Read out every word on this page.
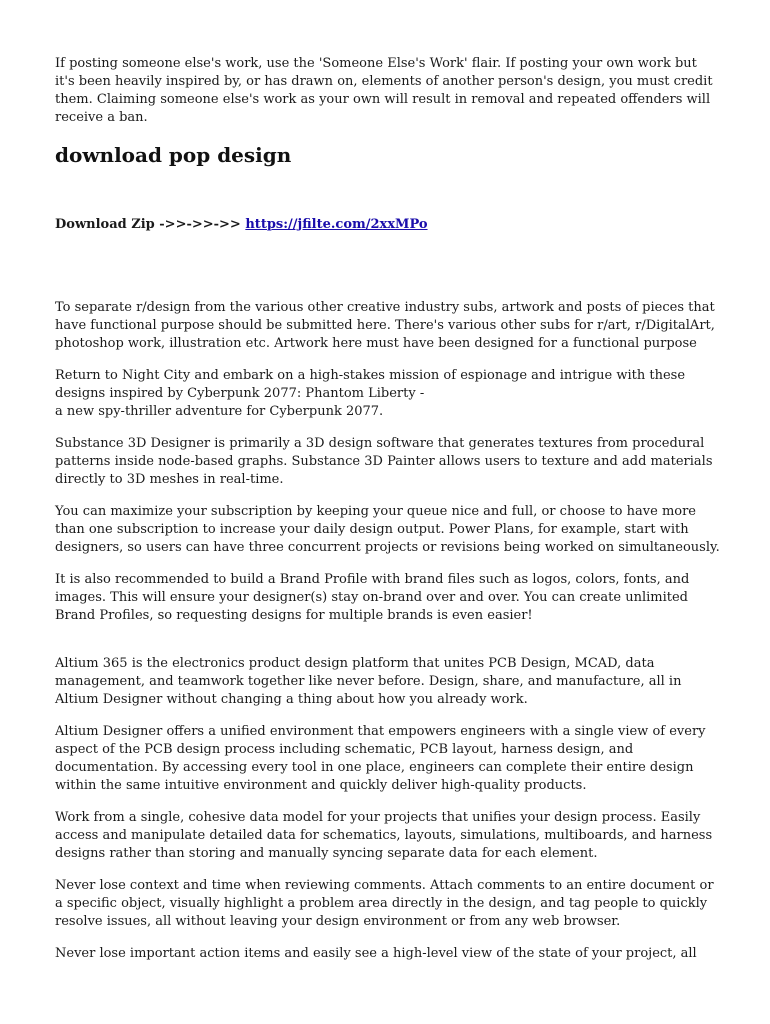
If posting someone else's work, use the 'Someone Else's Work' flair. If posting your own work but it's been heavily inspired by, or has drawn on, elements of another person's design, you must credit them. Claiming someone else's work as your own will result in removal and repeated offenders will receive a ban.

download pop design
Download Zip ->>->>->> https://jfilte.com/2xxMPo

To separate r/design from the various other creative industry subs, artwork and posts of pieces that have functional purpose should be submitted here. There's various other subs for r/art, r/DigitalArt, photoshop work, illustration etc. Artwork here must have been designed for a functional purpose

Return to Night City and embark on a high-stakes mission of espionage and intrigue with these designs inspired by Cyberpunk 2077: Phantom Liberty -

a new spy-thriller adventure for Cyberpunk 2077.

Substance 3D Designer is primarily a 3D design software that generates textures from procedural patterns inside node-based graphs. Substance 3D Painter allows users to texture and add materials directly to 3D meshes in real-time.

You can maximize your subscription by keeping your queue nice and full, or choose to have more than one subscription to increase your daily design output. Power Plans, for example, start with designers, so users can have three concurrent projects or revisions being worked on simultaneously.

It is also recommended to build a Brand Profile with brand files such as logos, colors, fonts, and images. This will ensure your designer(s) stay on-brand over and over. You can create unlimited Brand Profiles, so requesting designs for multiple brands is even easier!

Altium 365 is the electronics product design platform that unites PCB Design, MCAD, data management, and teamwork together like never before. Design, share, and manufacture, all in Altium Designer without changing a thing about how you already work.

Altium Designer offers a unified environment that empowers engineers with a single view of every aspect of the PCB design process including schematic, PCB layout, harness design, and documentation. By accessing every tool in one place, engineers can complete their entire design within the same intuitive environment and quickly deliver high-quality products.

Work from a single, cohesive data model for your projects that unifies your design process. Easily access and manipulate detailed data for schematics, layouts, simulations, multiboards, and harness designs rather than storing and manually syncing separate data for each element.

Never lose context and time when reviewing comments. Attach comments to an entire document or a specific object, visually highlight a problem area directly in the design, and tag people to quickly resolve issues, all without leaving your design environment or from any web browser.

Never lose important action items and easily see a high-level view of the state of your project, all
